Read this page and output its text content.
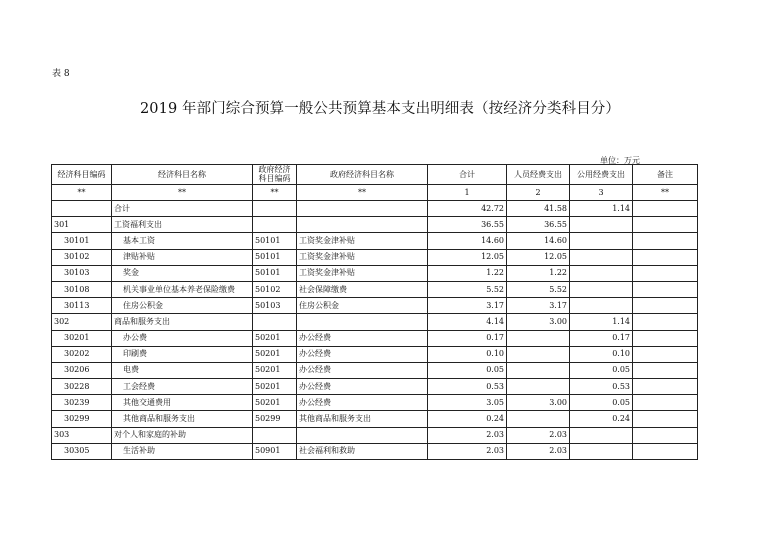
表 8
2019 年部门综合预算一般公共预算基本支出明细表（按经济分类科目分）
单位：万元
经济科目编码	经济科目名称	政府经济科目编码	政府经济科目名称	合计	人员经费支出	公用经费支出	备注
**	**	**	**	1	2	3	**
	合计			42.72	41.58	1.14	
301	工资福利支出			36.55	36.55		
30101	基本工资	50101	工资奖金津补贴	14.60	14.60		
30102	津贴补贴	50101	工资奖金津补贴	12.05	12.05		
30103	奖金	50101	工资奖金津补贴	1.22	1.22		
30108	机关事业单位基本养老保险缴费	50102	社会保障缴费	5.52	5.52		
30113	住房公积金	50103	住房公积金	3.17	3.17		
302	商品和服务支出			4.14	3.00	1.14	
30201	办公费	50201	办公经费	0.17		0.17	
30202	印刷费	50201	办公经费	0.10		0.10	
30206	电费	50201	办公经费	0.05		0.05	
30228	工会经费	50201	办公经费	0.53		0.53	
30239	其他交通费用	50201	办公经费	3.05	3.00	0.05	
30299	其他商品和服务支出	50299	其他商品和服务支出	0.24		0.24	
303	对个人和家庭的补助			2.03	2.03		
30305	生活补助	50901	社会福利和救助	2.03	2.03		
